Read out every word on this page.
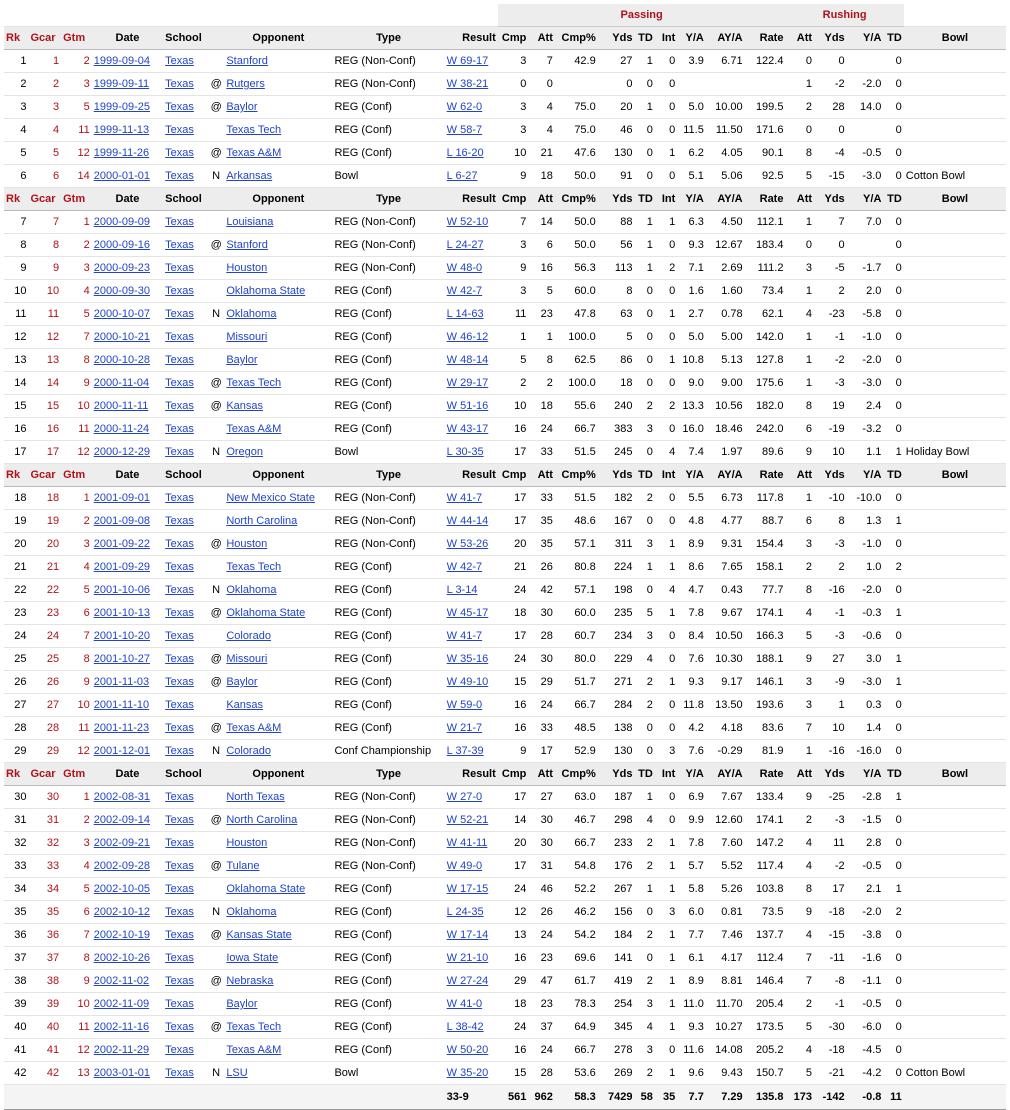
									Passing									Rushing				
Rk	Gcar	Gtm	Date	School		Opponent	Type	Result	Cmp	Att	Cmp%	Yds	TD	Int	Y/A	AY/A	Rate	Att	Yds	Y/A	TD	Bowl
1	1	2	1999-09-04	Texas		Stanford	REG (Non-Conf)	W 69-17	3	7	42.9	27	1	0	3.9	6.71	122.4	0	0		0	
2	2	3	1999-09-11	Texas	@	Rutgers	REG (Non-Conf)	W 38-21	0	0		0	0	0				1	-2	-2.0	0	
3	3	5	1999-09-25	Texas	@	Baylor	REG (Conf)	W 62-0	3	4	75.0	20	1	0	5.0	10.00	199.5	2	28	14.0	0	
4	4	11	1999-11-13	Texas		Texas Tech	REG (Conf)	W 58-7	3	4	75.0	46	0	0	11.5	11.50	171.6	0	0		0	
5	5	12	1999-11-26	Texas	@	Texas A&M	REG (Conf)	L 16-20	10	21	47.6	130	0	1	6.2	4.05	90.1	8	-4	-0.5	0	
6	6	14	2000-01-01	Texas	N	Arkansas	Bowl	L 6-27	9	18	50.0	91	0	0	5.1	5.06	92.5	5	-15	-3.0	0	Cotton Bowl
Rk	Gcar	Gtm	Date	School		Opponent	Type	Result	Cmp	Att	Cmp%	Yds	TD	Int	Y/A	AY/A	Rate	Att	Yds	Y/A	TD	Bowl
7	7	1	2000-09-09	Texas		Louisiana	REG (Non-Conf)	W 52-10	7	14	50.0	88	1	1	6.3	4.50	112.1	1	7	7.0	0	
8	8	2	2000-09-16	Texas	@	Stanford	REG (Non-Conf)	L 24-27	3	6	50.0	56	1	0	9.3	12.67	183.4	0	0		0	
9	9	3	2000-09-23	Texas		Houston	REG (Non-Conf)	W 48-0	9	16	56.3	113	1	2	7.1	2.69	111.2	3	-5	-1.7	0	
10	10	4	2000-09-30	Texas		Oklahoma State	REG (Conf)	W 42-7	3	5	60.0	8	0	0	1.6	1.60	73.4	1	2	2.0	0	
11	11	5	2000-10-07	Texas	N	Oklahoma	REG (Conf)	L 14-63	11	23	47.8	63	0	1	2.7	0.78	62.1	4	-23	-5.8	0	
12	12	7	2000-10-21	Texas		Missouri	REG (Conf)	W 46-12	1	1	100.0	5	0	0	5.0	5.00	142.0	1	-1	-1.0	0	
13	13	8	2000-10-28	Texas		Baylor	REG (Conf)	W 48-14	5	8	62.5	86	0	1	10.8	5.13	127.8	1	-2	-2.0	0	
14	14	9	2000-11-04	Texas	@	Texas Tech	REG (Conf)	W 29-17	2	2	100.0	18	0	0	9.0	9.00	175.6	1	-3	-3.0	0	
15	15	10	2000-11-11	Texas	@	Kansas	REG (Conf)	W 51-16	10	18	55.6	240	2	2	13.3	10.56	182.0	8	19	2.4	0	
16	16	11	2000-11-24	Texas		Texas A&M	REG (Conf)	W 43-17	16	24	66.7	383	3	0	16.0	18.46	242.0	6	-19	-3.2	0	
17	17	12	2000-12-29	Texas	N	Oregon	Bowl	L 30-35	17	33	51.5	245	0	4	7.4	1.97	89.6	9	10	1.1	1	Holiday Bowl
Rk	Gcar	Gtm	Date	School		Opponent	Type	Result	Cmp	Att	Cmp%	Yds	TD	Int	Y/A	AY/A	Rate	Att	Yds	Y/A	TD	Bowl
18	18	1	2001-09-01	Texas		New Mexico State	REG (Non-Conf)	W 41-7	17	33	51.5	182	2	0	5.5	6.73	117.8	1	-10	-10.0	0	
19	19	2	2001-09-08	Texas		North Carolina	REG (Non-Conf)	W 44-14	17	35	48.6	167	0	0	4.8	4.77	88.7	6	8	1.3	1	
20	20	3	2001-09-22	Texas	@	Houston	REG (Non-Conf)	W 53-26	20	35	57.1	311	3	1	8.9	9.31	154.4	3	-3	-1.0	0	
21	21	4	2001-09-29	Texas		Texas Tech	REG (Conf)	W 42-7	21	26	80.8	224	1	1	8.6	7.65	158.1	2	2	1.0	2	
22	22	5	2001-10-06	Texas	N	Oklahoma	REG (Conf)	L 3-14	24	42	57.1	198	0	4	4.7	0.43	77.7	8	-16	-2.0	0	
23	23	6	2001-10-13	Texas	@	Oklahoma State	REG (Conf)	W 45-17	18	30	60.0	235	5	1	7.8	9.67	174.1	4	-1	-0.3	1	
24	24	7	2001-10-20	Texas		Colorado	REG (Conf)	W 41-7	17	28	60.7	234	3	0	8.4	10.50	166.3	5	-3	-0.6	0	
25	25	8	2001-10-27	Texas	@	Missouri	REG (Conf)	W 35-16	24	30	80.0	229	4	0	7.6	10.30	188.1	9	27	3.0	1	
26	26	9	2001-11-03	Texas	@	Baylor	REG (Conf)	W 49-10	15	29	51.7	271	2	1	9.3	9.17	146.1	3	-9	-3.0	1	
27	27	10	2001-11-10	Texas		Kansas	REG (Conf)	W 59-0	16	24	66.7	284	2	0	11.8	13.50	193.6	3	1	0.3	0	
28	28	11	2001-11-23	Texas	@	Texas A&M	REG (Conf)	W 21-7	16	33	48.5	138	0	0	4.2	4.18	83.6	7	10	1.4	0	
29	29	12	2001-12-01	Texas	N	Colorado	Conf Championship	L 37-39	9	17	52.9	130	0	3	7.6	-0.29	81.9	1	-16	-16.0	0	
Rk	Gcar	Gtm	Date	School		Opponent	Type	Result	Cmp	Att	Cmp%	Yds	TD	Int	Y/A	AY/A	Rate	Att	Yds	Y/A	TD	Bowl
30	30	1	2002-08-31	Texas		North Texas	REG (Non-Conf)	W 27-0	17	27	63.0	187	1	0	6.9	7.67	133.4	9	-25	-2.8	1	
31	31	2	2002-09-14	Texas	@	North Carolina	REG (Non-Conf)	W 52-21	14	30	46.7	298	4	0	9.9	12.60	174.1	2	-3	-1.5	0	
32	32	3	2002-09-21	Texas		Houston	REG (Non-Conf)	W 41-11	20	30	66.7	233	2	1	7.8	7.60	147.2	4	11	2.8	0	
33	33	4	2002-09-28	Texas	@	Tulane	REG (Non-Conf)	W 49-0	17	31	54.8	176	2	1	5.7	5.52	117.4	4	-2	-0.5	0	
34	34	5	2002-10-05	Texas		Oklahoma State	REG (Conf)	W 17-15	24	46	52.2	267	1	1	5.8	5.26	103.8	8	17	2.1	1	
35	35	6	2002-10-12	Texas	N	Oklahoma	REG (Conf)	L 24-35	12	26	46.2	156	0	3	6.0	0.81	73.5	9	-18	-2.0	2	
36	36	7	2002-10-19	Texas	@	Kansas State	REG (Conf)	W 17-14	13	24	54.2	184	2	1	7.7	7.46	137.7	4	-15	-3.8	0	
37	37	8	2002-10-26	Texas		Iowa State	REG (Conf)	W 21-10	16	23	69.6	141	0	1	6.1	4.17	112.4	7	-11	-1.6	0	
38	38	9	2002-11-02	Texas	@	Nebraska	REG (Conf)	W 27-24	29	47	61.7	419	2	1	8.9	8.81	146.4	7	-8	-1.1	0	
39	39	10	2002-11-09	Texas		Baylor	REG (Conf)	W 41-0	18	23	78.3	254	3	1	11.0	11.70	205.4	2	-1	-0.5	0	
40	40	11	2002-11-16	Texas	@	Texas Tech	REG (Conf)	L 38-42	24	37	64.9	345	4	1	9.3	10.27	173.5	5	-30	-6.0	0	
41	41	12	2002-11-29	Texas		Texas A&M	REG (Conf)	W 50-20	16	24	66.7	278	3	0	11.6	14.08	205.2	4	-18	-4.5	0	
42	42	13	2003-01-01	Texas	N	LSU	Bowl	W 35-20	15	28	53.6	269	2	1	9.6	9.43	150.7	5	-21	-4.2	0	Cotton Bowl
								33-9	561	962	58.3	7429	58	35	7.7	7.29	135.8	173	-142	-0.8	11	
